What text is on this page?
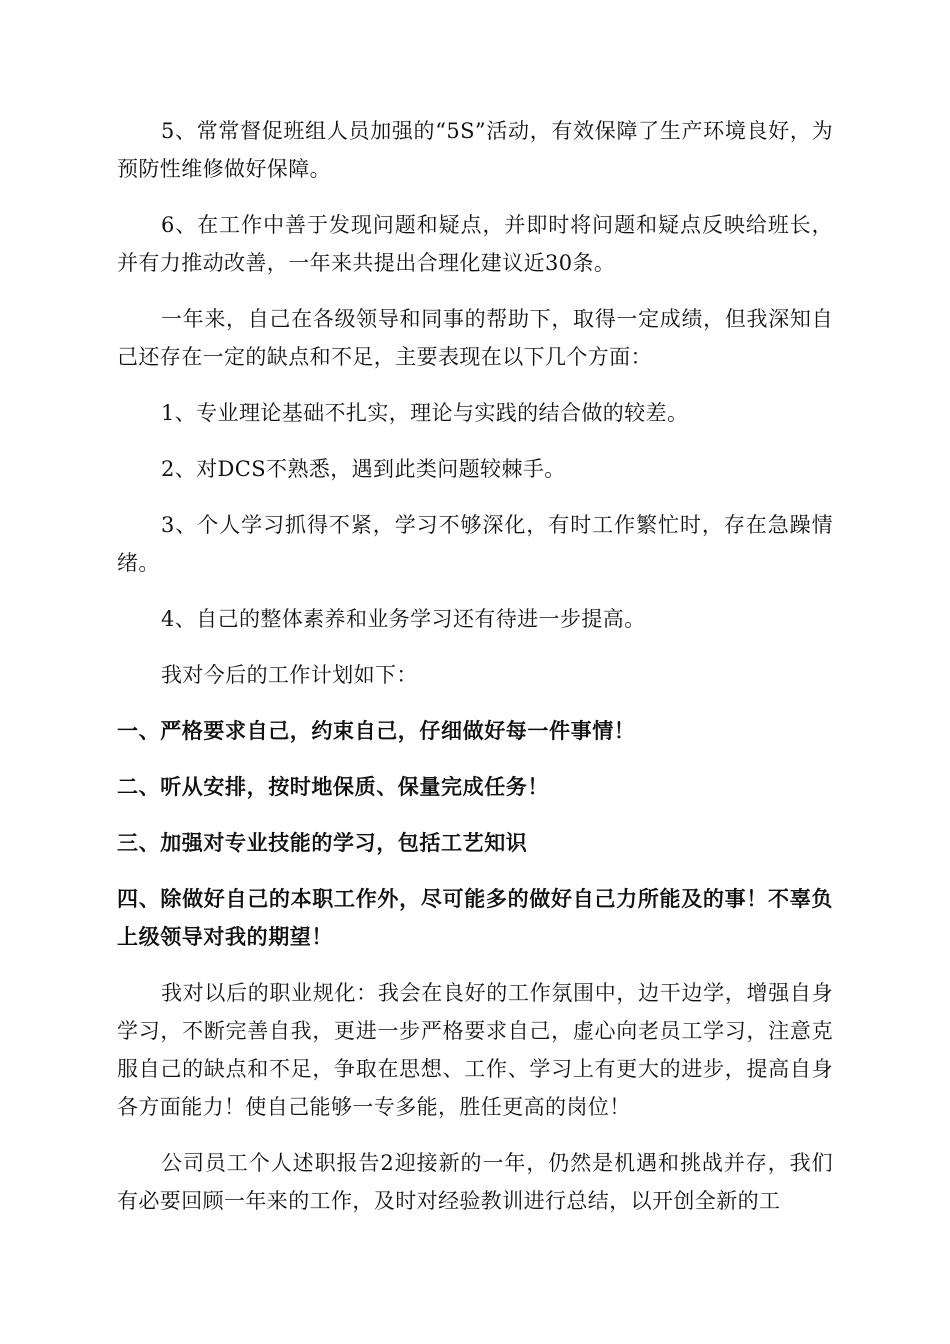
5、常常督促班组人员加强的“5S”活动，有效保障了生产环境良好，为预防性维修做好保障。

6、在工作中善于发现问题和疑点，并即时将问题和疑点反映给班长，并有力推动改善，一年来共提出合理化建议近30条。

一年来，自己在各级领导和同事的帮助下，取得一定成绩，但我深知自己还存在一定的缺点和不足，主要表现在以下几个方面：

1、专业理论基础不扎实，理论与实践的结合做的较差。

2、对DCS不熟悉，遇到此类问题较棘手。

3、个人学习抓得不紧，学习不够深化，有时工作繁忙时，存在急躁情绪。

4、自己的整体素养和业务学习还有待进一步提高。

我对今后的工作计划如下：

一、严格要求自己，约束自己，仔细做好每一件事情！

二、听从安排，按时地保质、保量完成任务！

三、加强对专业技能的学习，包括工艺知识

四、除做好自己的本职工作外，尽可能多的做好自己力所能及的事！不辜负上级领导对我的期望！

我对以后的职业规化：我会在良好的工作氛围中，边干边学，增强自身学习，不断完善自我，更进一步严格要求自己，虚心向老员工学习，注意克服自己的缺点和不足，争取在思想、工作、学习上有更大的进步，提高自身各方面能力！使自己能够一专多能，胜任更高的岗位！

公司员工个人述职报告2迎接新的一年，仍然是机遇和挑战并存，我们有必要回顾一年来的工作，及时对经验教训进行总结，以开创全新的工
